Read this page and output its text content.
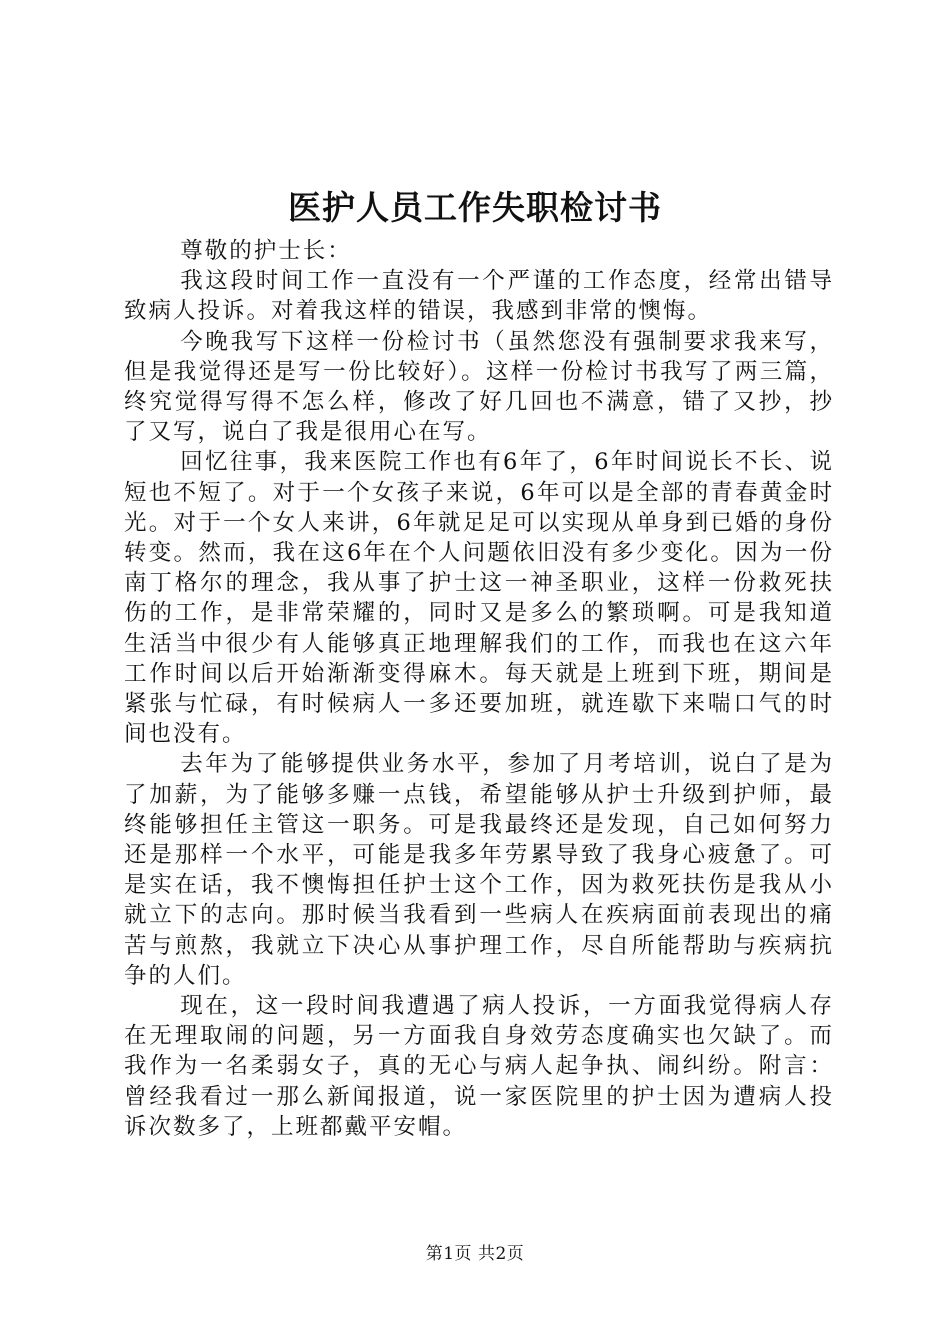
医护人员工作失职检讨书

尊敬的护士长：

我这段时间工作一直没有一个严谨的工作态度，经常出错导致病人投诉。对着我这样的错误，我感到非常的懊悔。

今晚我写下这样一份检讨书（虽然您没有强制要求我来写，但是我觉得还是写一份比较好）。这样一份检讨书我写了两三篇，终究觉得写得不怎么样，修改了好几回也不满意，错了又抄，抄了又写，说白了我是很用心在写。

回忆往事，我来医院工作也有6年了，6年时间说长不长、说短也不短了。对于一个女孩子来说，6年可以是全部的青春黄金时光。对于一个女人来讲，6年就足足可以实现从单身到已婚的身份转变。然而，我在这6年在个人问题依旧没有多少变化。因为一份南丁格尔的理念，我从事了护士这一神圣职业，这样一份救死扶伤的工作，是非常荣耀的，同时又是多么的繁琐啊。可是我知道生活当中很少有人能够真正地理解我们的工作，而我也在这六年工作时间以后开始渐渐变得麻木。每天就是上班到下班，期间是紧张与忙碌，有时候病人一多还要加班，就连歇下来喘口气的时间也没有。

去年为了能够提供业务水平，参加了月考培训，说白了是为了加薪，为了能够多赚一点钱，希望能够从护士升级到护师，最终能够担任主管这一职务。可是我最终还是发现，自己如何努力还是那样一个水平，可能是我多年劳累导致了我身心疲惫了。可是实在话，我不懊悔担任护士这个工作，因为救死扶伤是我从小就立下的志向。那时候当我看到一些病人在疾病面前表现出的痛苦与煎熬，我就立下决心从事护理工作，尽自所能帮助与疾病抗争的人们。

现在，这一段时间我遭遇了病人投诉，一方面我觉得病人存在无理取闹的问题，另一方面我自身效劳态度确实也欠缺了。而我作为一名柔弱女子，真的无心与病人起争执、闹纠纷。附言：曾经我看过一那么新闻报道，说一家医院里的护士因为遭病人投诉次数多了，上班都戴平安帽。

第1页 共2页
